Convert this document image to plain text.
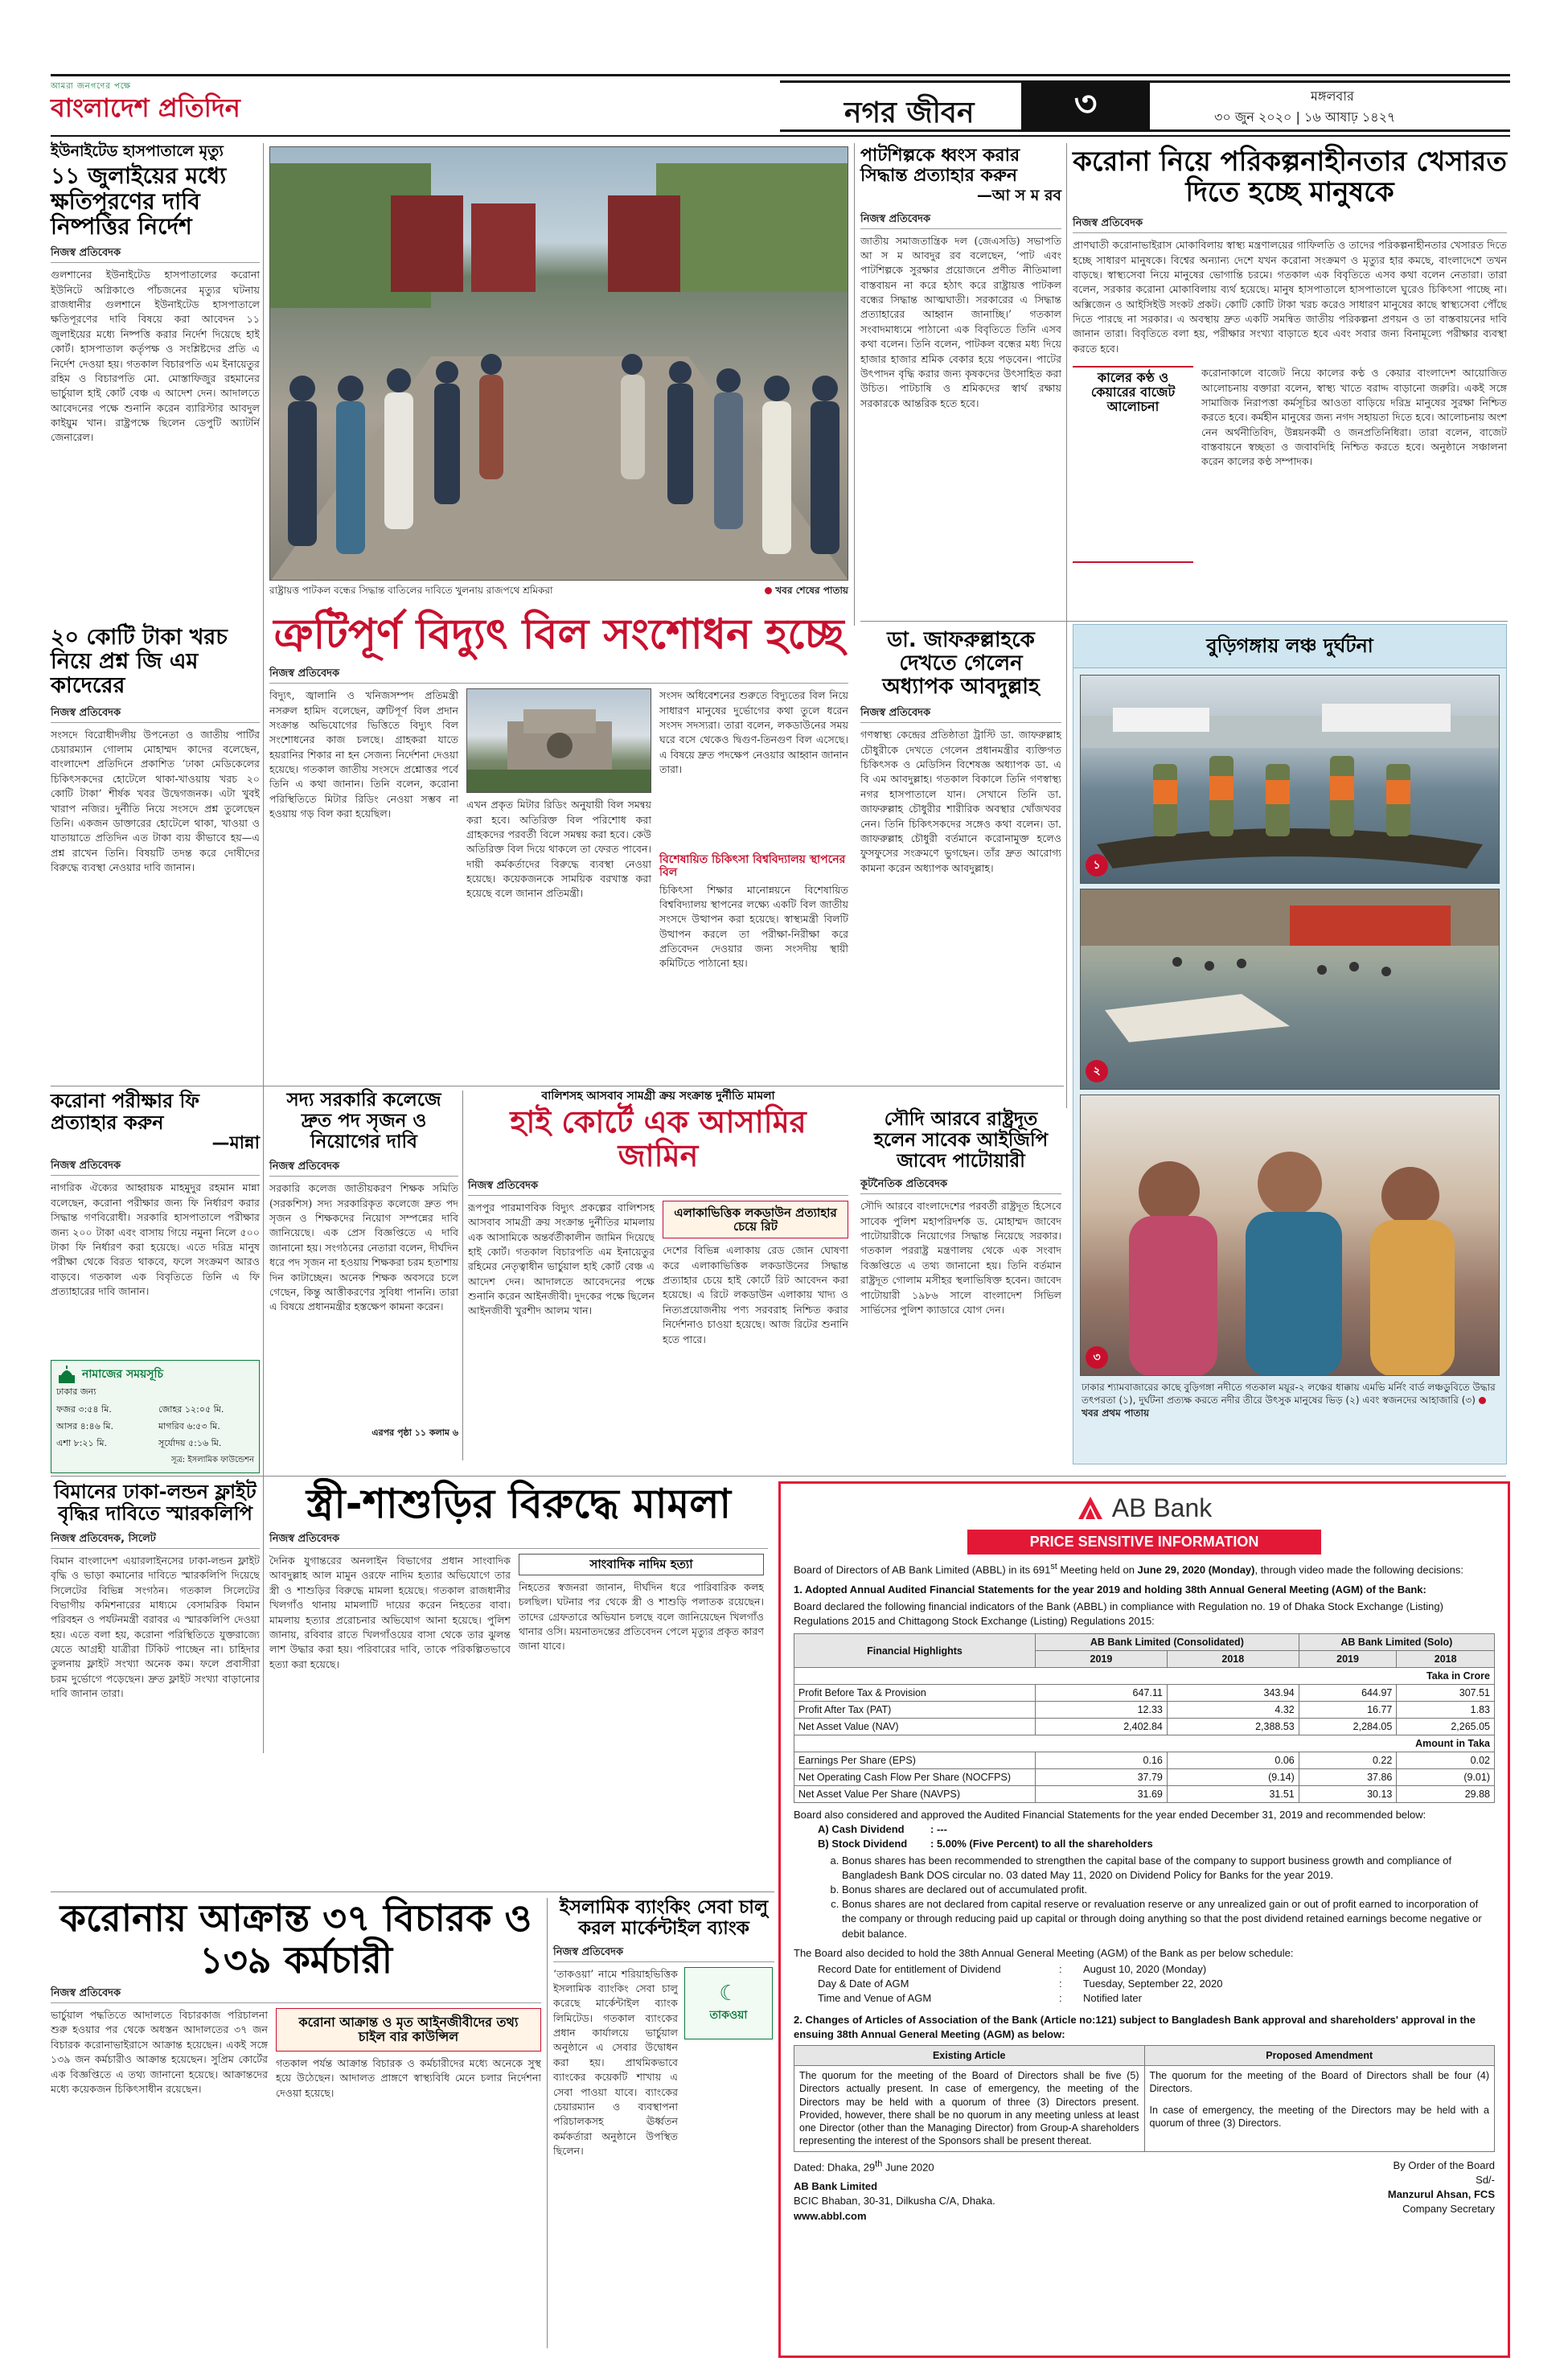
আমরা জনগণের পক্ষে
বাংলাদেশ প্রতিদিন	নগর জীবন	৩	মঙ্গলবার
৩০ জুন ২০২০ | ১৬ আষাঢ় ১৪২৭
ইউনাইটেড হাসপাতালে মৃত্যু
১১ জুলাইয়ের মধ্যে ক্ষতিপূরণের দাবি নিষ্পত্তির নির্দেশ
নিজস্ব প্রতিবেদক
গুলশানের ইউনাইটেড হাসপাতালের করোনা ইউনিটে অগ্নিকাণ্ডে পাঁচজনের মৃত্যুর ঘটনায় রাজধানীর গুলশানে ইউনাইটেড হাসপাতালে ক্ষতিপূরণের দাবি বিষয়ে করা আবেদন ১১ জুলাইয়ের মধ্যে নিষ্পত্তি করার নির্দেশ দিয়েছে হাই কোর্ট। হাসপাতাল কর্তৃপক্ষ ও সংশ্লিষ্টদের প্রতি এ নির্দেশ দেওয়া হয়। গতকাল বিচারপতি এম ইনায়েতুর রহিম ও বিচারপতি মো. মোস্তাফিজুর রহমানের ভার্চুয়াল হাই কোর্ট বেঞ্চ এ আদেশ দেন। আদালতে আবেদনের পক্ষে শুনানি করেন ব্যারিস্টার আবদুল কাইয়ুম খান। রাষ্ট্রপক্ষে ছিলেন ডেপুটি অ্যাটর্নি জেনারেল।
রাষ্ট্রায়ত্ত পাটকল বন্ধের সিদ্ধান্ত বাতিলের দাবিতে খুলনায় রাজপথে শ্রমিকরা	খবর শেষের পাতায়
পাটশিল্পকে ধ্বংস করার সিদ্ধান্ত প্রত্যাহার করুন
—আ স ম রব
নিজস্ব প্রতিবেদক
জাতীয় সমাজতান্ত্রিক দল (জেএসডি) সভাপতি আ স ম আবদুর রব বলেছেন, ‘পাট এবং পাটশিল্পকে সুরক্ষার প্রয়োজনে প্রণীত নীতিমালা বাস্তবায়ন না করে হঠাৎ করে রাষ্ট্রায়ত্ত পাটকল বন্ধের সিদ্ধান্ত আত্মঘাতী। সরকারের এ সিদ্ধান্ত প্রত্যাহারের আহ্বান জানাচ্ছি।’ গতকাল সংবাদমাধ্যমে পাঠানো এক বিবৃতিতে তিনি এসব কথা বলেন। তিনি বলেন, পাটকল বন্ধের মধ্য দিয়ে হাজার হাজার শ্রমিক বেকার হয়ে পড়বেন। পাটের উৎপাদন বৃদ্ধি করার জন্য কৃষকদের উৎসাহিত করা উচিত। পাটচাষি ও শ্রমিকদের স্বার্থ রক্ষায় সরকারকে আন্তরিক হতে হবে।
করোনা নিয়ে পরিকল্পনাহীনতার খেসারত দিতে হচ্ছে মানুষকে
নিজস্ব প্রতিবেদক
প্রাণঘাতী করোনাভাইরাস মোকাবিলায় স্বাস্থ্য মন্ত্রণালয়ের গাফিলতি ও তাদের পরিকল্পনাহীনতার খেসারত দিতে হচ্ছে সাধারণ মানুষকে। বিশ্বের অন্যান্য দেশে যখন করোনা সংক্রমণ ও মৃত্যুর হার কমছে, বাংলাদেশে তখন বাড়ছে। স্বাস্থ্যসেবা নিয়ে মানুষের ভোগান্তি চরমে। গতকাল এক বিবৃতিতে এসব কথা বলেন নেতারা। তারা বলেন, সরকার করোনা মোকাবিলায় ব্যর্থ হয়েছে। মানুষ হাসপাতালে হাসপাতালে ঘুরেও চিকিৎসা পাচ্ছে না। অক্সিজেন ও আইসিইউ সংকট প্রকট। কোটি কোটি টাকা খরচ করেও সাধারণ মানুষের কাছে স্বাস্থ্যসেবা পৌঁছে দিতে পারছে না সরকার। এ অবস্থায় দ্রুত একটি সমন্বিত জাতীয় পরিকল্পনা প্রণয়ন ও তা বাস্তবায়নের দাবি জানান তারা। বিবৃতিতে বলা হয়, পরীক্ষার সংখ্যা বাড়াতে হবে এবং সবার জন্য বিনামূল্যে পরীক্ষার ব্যবস্থা করতে হবে।
কালের কণ্ঠ ও কেয়ারের বাজেট আলোচনা
করোনাকালে বাজেট নিয়ে কালের কণ্ঠ ও কেয়ার বাংলাদেশ আয়োজিত আলোচনায় বক্তারা বলেন, স্বাস্থ্য খাতে বরাদ্দ বাড়ানো জরুরি। একই সঙ্গে সামাজিক নিরাপত্তা কর্মসূচির আওতা বাড়িয়ে দরিদ্র মানুষের সুরক্ষা নিশ্চিত করতে হবে। কর্মহীন মানুষের জন্য নগদ সহায়তা দিতে হবে। আলোচনায় অংশ নেন অর্থনীতিবিদ, উন্নয়নকর্মী ও জনপ্রতিনিধিরা। তারা বলেন, বাজেট বাস্তবায়নে স্বচ্ছতা ও জবাবদিহি নিশ্চিত করতে হবে। অনুষ্ঠানে সঞ্চালনা করেন কালের কণ্ঠ সম্পাদক।
২০ কোটি টাকা খরচ নিয়ে প্রশ্ন জি এম কাদেরের
নিজস্ব প্রতিবেদক
সংসদে বিরোধীদলীয় উপনেতা ও জাতীয় পার্টির চেয়ারম্যান গোলাম মোহাম্মদ কাদের বলেছেন, বাংলাদেশ প্রতিদিনে প্রকাশিত ‘ঢাকা মেডিকেলের চিকিৎসকদের হোটেলে থাকা-খাওয়ায় খরচ ২০ কোটি টাকা’ শীর্ষক খবর উদ্বেগজনক। এটা খুবই খারাপ নজির। দুর্নীতি নিয়ে সংসদে প্রশ্ন তুলেছেন তিনি। একজন ডাক্তারের হোটেলে থাকা, খাওয়া ও যাতায়াতে প্রতিদিন এত টাকা ব্যয় কীভাবে হয়—এ প্রশ্ন রাখেন তিনি। বিষয়টি তদন্ত করে দোষীদের বিরুদ্ধে ব্যবস্থা নেওয়ার দাবি জানান।
ত্রুটিপূর্ণ বিদ্যুৎ বিল সংশোধন হচ্ছে
নিজস্ব প্রতিবেদক
বিদ্যুৎ, জ্বালানি ও খনিজসম্পদ প্রতিমন্ত্রী নসরুল হামিদ বলেছেন, ত্রুটিপূর্ণ বিল প্রদান সংক্রান্ত অভিযোগের ভিত্তিতে বিদ্যুৎ বিল সংশোধনের কাজ চলছে। গ্রাহকরা যাতে হয়রানির শিকার না হন সেজন্য নির্দেশনা দেওয়া হয়েছে। গতকাল জাতীয় সংসদে প্রশ্নোত্তর পর্বে তিনি এ কথা জানান। তিনি বলেন, করোনা পরিস্থিতিতে মিটার রিডিং নেওয়া সম্ভব না হওয়ায় গড় বিল করা হয়েছিল।
এখন প্রকৃত মিটার রিডিং অনুযায়ী বিল সমন্বয় করা হবে। অতিরিক্ত বিল পরিশোধ করা গ্রাহকদের পরবর্তী বিলে সমন্বয় করা হবে। কেউ অতিরিক্ত বিল দিয়ে থাকলে তা ফেরত পাবেন। দায়ী কর্মকর্তাদের বিরুদ্ধে ব্যবস্থা নেওয়া হয়েছে। কয়েকজনকে সাময়িক বরখাস্ত করা হয়েছে বলে জানান প্রতিমন্ত্রী।
সংসদ অধিবেশনের শুরুতে বিদ্যুতের বিল নিয়ে সাধারণ মানুষের দুর্ভোগের কথা তুলে ধরেন সংসদ সদস্যরা। তারা বলেন, লকডাউনের সময় ঘরে বসে থেকেও দ্বিগুণ-তিনগুণ বিল এসেছে। এ বিষয়ে দ্রুত পদক্ষেপ নেওয়ার আহ্বান জানান তারা।
বিশেষায়িত চিকিৎসা বিশ্ববিদ্যালয় স্থাপনের বিল
চিকিৎসা শিক্ষার মানোন্নয়নে বিশেষায়িত বিশ্ববিদ্যালয় স্থাপনের লক্ষ্যে একটি বিল জাতীয় সংসদে উত্থাপন করা হয়েছে। স্বাস্থ্যমন্ত্রী বিলটি উত্থাপন করলে তা পরীক্ষা-নিরীক্ষা করে প্রতিবেদন দেওয়ার জন্য সংসদীয় স্থায়ী কমিটিতে পাঠানো হয়।
ডা. জাফরুল্লাহকে দেখতে গেলেন অধ্যাপক আবদুল্লাহ
নিজস্ব প্রতিবেদক
গণস্বাস্থ্য কেন্দ্রের প্রতিষ্ঠাতা ট্রাস্টি ডা. জাফরুল্লাহ চৌধুরীকে দেখতে গেলেন প্রধানমন্ত্রীর ব্যক্তিগত চিকিৎসক ও মেডিসিন বিশেষজ্ঞ অধ্যাপক ডা. এ বি এম আবদুল্লাহ। গতকাল বিকালে তিনি গণস্বাস্থ্য নগর হাসপাতালে যান। সেখানে তিনি ডা. জাফরুল্লাহ চৌধুরীর শারীরিক অবস্থার খোঁজখবর নেন। তিনি চিকিৎসকদের সঙ্গেও কথা বলেন। ডা. জাফরুল্লাহ চৌধুরী বর্তমানে করোনামুক্ত হলেও ফুসফুসের সংক্রমণে ভুগছেন। তাঁর দ্রুত আরোগ্য কামনা করেন অধ্যাপক আবদুল্লাহ।
বুড়িগঙ্গায় লঞ্চ দুর্ঘটনা
১
২
৩
ঢাকার শ্যামবাজারের কাছে বুড়িগঙ্গা নদীতে গতকাল ময়ূর-২ লঞ্চের ধাক্কায় এমভি মর্নিং বার্ড লঞ্চডুবিতে উদ্ধার তৎপরতা (১), দুর্ঘটনা প্রত্যক্ষ করতে নদীর তীরে উৎসুক মানুষের ভিড় (২) এবং স্বজনদের আহাজারি (৩) খবর প্রথম পাতায়
করোনা পরীক্ষার ফি প্রত্যাহার করুন
—মান্না
নিজস্ব প্রতিবেদক
নাগরিক ঐক্যের আহ্বায়ক মাহমুদুর রহমান মান্না বলেছেন, করোনা পরীক্ষার জন্য ফি নির্ধারণ করার সিদ্ধান্ত গণবিরোধী। সরকারি হাসপাতালে পরীক্ষার জন্য ২০০ টাকা এবং বাসায় গিয়ে নমুনা নিলে ৫০০ টাকা ফি নির্ধারণ করা হয়েছে। এতে দরিদ্র মানুষ পরীক্ষা থেকে বিরত থাকবে, ফলে সংক্রমণ আরও বাড়বে। গতকাল এক বিবৃতিতে তিনি এ ফি প্রত্যাহারের দাবি জানান।
নামাজের সময়সূচি
ঢাকার জন্য
ফজর ৩:৫৪ মি.	জোহর ১২:০৫ মি.
আসর ৪:৪৬ মি.	মাগরিব ৬:৫৩ মি.
এশা ৮:২১ মি.	সূর্যোদয় ৫:১৬ মি.
সূত্র: ইসলামিক ফাউন্ডেশন
সদ্য সরকারি কলেজে দ্রুত পদ সৃজন ও নিয়োগের দাবি
নিজস্ব প্রতিবেদক
সরকারি কলেজ জাতীয়করণ শিক্ষক সমিতি (সরকশিস) সদ্য সরকারিকৃত কলেজে দ্রুত পদ সৃজন ও শিক্ষকদের নিয়োগ সম্পন্নের দাবি জানিয়েছে। এক প্রেস বিজ্ঞপ্তিতে এ দাবি জানানো হয়। সংগঠনের নেতারা বলেন, দীর্ঘদিন ধরে পদ সৃজন না হওয়ায় শিক্ষকরা চরম হতাশায় দিন কাটাচ্ছেন। অনেক শিক্ষক অবসরে চলে গেছেন, কিন্তু আত্তীকরণের সুবিধা পাননি। তারা এ বিষয়ে প্রধানমন্ত্রীর হস্তক্ষেপ কামনা করেন।
এরপর পৃষ্ঠা ১১ কলাম ৬
বালিশসহ আসবাব সামগ্রী ক্রয় সংক্রান্ত দুর্নীতি মামলা
হাই কোর্টে এক আসামির জামিন
নিজস্ব প্রতিবেদক
রূপপুর পারমাণবিক বিদ্যুৎ প্রকল্পের বালিশসহ আসবাব সামগ্রী ক্রয় সংক্রান্ত দুর্নীতির মামলায় এক আসামিকে অন্তর্বর্তীকালীন জামিন দিয়েছে হাই কোর্ট। গতকাল বিচারপতি এম ইনায়েতুর রহিমের নেতৃত্বাধীন ভার্চুয়াল হাই কোর্ট বেঞ্চ এ আদেশ দেন। আদালতে আবেদনের পক্ষে শুনানি করেন আইনজীবী। দুদকের পক্ষে ছিলেন আইনজীবী খুরশীদ আলম খান।
এলাকাভিত্তিক লকডাউন প্রত্যাহার চেয়ে রিট
দেশের বিভিন্ন এলাকায় রেড জোন ঘোষণা করে এলাকাভিত্তিক লকডাউনের সিদ্ধান্ত প্রত্যাহার চেয়ে হাই কোর্টে রিট আবেদন করা হয়েছে। এ রিটে লকডাউন এলাকায় খাদ্য ও নিত্যপ্রয়োজনীয় পণ্য সরবরাহ নিশ্চিত করার নির্দেশনাও চাওয়া হয়েছে। আজ রিটের শুনানি হতে পারে।
সৌদি আরবে রাষ্ট্রদূত হলেন সাবেক আইজিপি জাবেদ পাটোয়ারী
কূটনৈতিক প্রতিবেদক
সৌদি আরবে বাংলাদেশের পরবর্তী রাষ্ট্রদূত হিসেবে সাবেক পুলিশ মহাপরিদর্শক ড. মোহাম্মদ জাবেদ পাটোয়ারীকে নিয়োগের সিদ্ধান্ত নিয়েছে সরকার। গতকাল পররাষ্ট্র মন্ত্রণালয় থেকে এক সংবাদ বিজ্ঞপ্তিতে এ তথ্য জানানো হয়। তিনি বর্তমান রাষ্ট্রদূত গোলাম মসীহর স্থলাভিষিক্ত হবেন। জাবেদ পাটোয়ারী ১৯৮৬ সালে বাংলাদেশ সিভিল সার্ভিসের পুলিশ ক্যাডারে যোগ দেন।
বিমানের ঢাকা-লন্ডন ফ্লাইট বৃদ্ধির দাবিতে স্মারকলিপি
নিজস্ব প্রতিবেদক, সিলেট
বিমান বাংলাদেশ এয়ারলাইনসের ঢাকা-লন্ডন ফ্লাইট বৃদ্ধি ও ভাড়া কমানোর দাবিতে স্মারকলিপি দিয়েছে সিলেটের বিভিন্ন সংগঠন। গতকাল সিলেটের বিভাগীয় কমিশনারের মাধ্যমে বেসামরিক বিমান পরিবহন ও পর্যটনমন্ত্রী বরাবর এ স্মারকলিপি দেওয়া হয়। এতে বলা হয়, করোনা পরিস্থিতিতে যুক্তরাজ্যে যেতে আগ্রহী যাত্রীরা টিকিট পাচ্ছেন না। চাহিদার তুলনায় ফ্লাইট সংখ্যা অনেক কম। ফলে প্রবাসীরা চরম দুর্ভোগে পড়েছেন। দ্রুত ফ্লাইট সংখ্যা বাড়ানোর দাবি জানান তারা।
স্ত্রী-শাশুড়ির বিরুদ্ধে মামলা
নিজস্ব প্রতিবেদক
দৈনিক যুগান্তরের অনলাইন বিভাগের প্রধান সাংবাদিক আবদুল্লাহ আল মামুন ওরফে নাদিম হত্যার অভিযোগে তার স্ত্রী ও শাশুড়ির বিরুদ্ধে মামলা হয়েছে। গতকাল রাজধানীর খিলগাঁও থানায় মামলাটি দায়ের করেন নিহতের বাবা। মামলায় হত্যার প্ররোচনার অভিযোগ আনা হয়েছে। পুলিশ জানায়, রবিবার রাতে খিলগাঁওয়ের বাসা থেকে তার ঝুলন্ত লাশ উদ্ধার করা হয়। পরিবারের দাবি, তাকে পরিকল্পিতভাবে হত্যা করা হয়েছে।
সাংবাদিক নাদিম হত্যা
নিহতের স্বজনরা জানান, দীর্ঘদিন ধরে পারিবারিক কলহ চলছিল। ঘটনার পর থেকে স্ত্রী ও শাশুড়ি পলাতক রয়েছেন। তাদের গ্রেফতারে অভিযান চলছে বলে জানিয়েছেন খিলগাঁও থানার ওসি। ময়নাতদন্তের প্রতিবেদন পেলে মৃত্যুর প্রকৃত কারণ জানা যাবে।
করোনায় আক্রান্ত ৩৭ বিচারক ও ১৩৯ কর্মচারী
নিজস্ব প্রতিবেদক
ভার্চুয়াল পদ্ধতিতে আদালতে বিচারকাজ পরিচালনা শুরু হওয়ার পর থেকে অধস্তন আদালতের ৩৭ জন বিচারক করোনাভাইরাসে আক্রান্ত হয়েছেন। একই সঙ্গে ১৩৯ জন কর্মচারীও আক্রান্ত হয়েছেন। সুপ্রিম কোর্টের এক বিজ্ঞপ্তিতে এ তথ্য জানানো হয়েছে। আক্রান্তদের মধ্যে কয়েকজন চিকিৎসাধীন রয়েছেন।
করোনা আক্রান্ত ও মৃত আইনজীবীদের তথ্য চাইল বার কাউন্সিল
গতকাল পর্যন্ত আক্রান্ত বিচারক ও কর্মচারীদের মধ্যে অনেকে সুস্থ হয়ে উঠেছেন। আদালত প্রাঙ্গণে স্বাস্থ্যবিধি মেনে চলার নির্দেশনা দেওয়া হয়েছে।
ইসলামিক ব্যাংকিং সেবা চালু করল মার্কেন্টাইল ব্যাংক
নিজস্ব প্রতিবেদক
‘তাকওয়া’ নামে শরিয়াহভিত্তিক ইসলামিক ব্যাংকিং সেবা চালু করেছে মার্কেন্টাইল ব্যাংক লিমিটেড। গতকাল ব্যাংকের প্রধান কার্যালয়ে ভার্চুয়াল অনুষ্ঠানে এ সেবার উদ্বোধন করা হয়। প্রাথমিকভাবে ব্যাংকের কয়েকটি শাখায় এ সেবা পাওয়া যাবে। ব্যাংকের চেয়ারম্যান ও ব্যবস্থাপনা পরিচালকসহ ঊর্ধ্বতন কর্মকর্তারা অনুষ্ঠানে উপস্থিত ছিলেন।
☾
তাকওয়া
AB Bank
PRICE SENSITIVE INFORMATION
Board of Directors of AB Bank Limited (ABBL) in its 691st Meeting held on June 29, 2020 (Monday), through video made the following decisions:
1. Adopted Annual Audited Financial Statements for the year 2019 and holding 38th Annual General Meeting (AGM) of the Bank:
Board declared the following financial indicators of the Bank (ABBL) in compliance with Regulation no. 19 of Dhaka Stock Exchange (Listing) Regulations 2015 and Chittagong Stock Exchange (Listing) Regulations 2015:
Financial Highlights	AB Bank Limited (Consolidated)		AB Bank Limited (Solo)	
	2019	2018	2019	2018
Taka in Crore				
Profit Before Tax & Provision	647.11	343.94	644.97	307.51
Profit After Tax (PAT)	12.33	4.32	16.77	1.83
Net Asset Value (NAV)	2,402.84	2,388.53	2,284.05	2,265.05
Amount in Taka				
Earnings Per Share (EPS)	0.16	0.06	0.22	0.02
Net Operating Cash Flow Per Share (NOCFPS)	37.79	(9.14)	37.86	(9.01)
Net Asset Value Per Share (NAVPS)	31.69	31.51	30.13	29.88
Board also considered and approved the Audited Financial Statements for the year ended December 31, 2019 and recommended below:
A) Cash Dividend	: ---
B) Stock Dividend	: 5.00% (Five Percent) to all the shareholders
a. Bonus shares has been recommended to strengthen the capital base of the company to support business growth and compliance of Bangladesh Bank DOS circular no. 03 dated May 11, 2020 on Dividend Policy for Banks for the year 2019.
b. Bonus shares are declared out of accumulated profit.
c. Bonus shares are not declared from capital reserve or revaluation reserve or any unrealized gain or out of profit earned to incorporation of the company or through reducing paid up capital or through doing anything so that the post dividend retained earnings become negative or debit balance.
The Board also decided to hold the 38th Annual General Meeting (AGM) of the Bank as per below schedule:
Record Date for entitlement of Dividend	:	August 10, 2020 (Monday)
Day & Date of AGM	:	Tuesday, September 22, 2020
Time and Venue of AGM	:	Notified later
2. Changes of Articles of Association of the Bank (Article no:121) subject to Bangladesh Bank approval and shareholders' approval in the ensuing 38th Annual General Meeting (AGM) as below:
Existing Article	Proposed Amendment
The quorum for the meeting of the Board of Directors shall be five (5) Directors actually present. In case of emergency, the meeting of the Directors may be held with a quorum of three (3) Directors present. Provided, however, there shall be no quorum in any meeting unless at least one Director (other than the Managing Director) from Group-A shareholders representing the interest of the Sponsors shall be present thereat.	The quorum for the meeting of the Board of Directors shall be four (4) Directors.
In case of emergency, the meeting of the Directors may be held with a quorum of three (3) Directors.
Dated: Dhaka, 29th June 2020
AB Bank Limited
BCIC Bhaban, 30-31, Dilkusha C/A, Dhaka.
www.abbl.com
By Order of the Board
Sd/-
Manzurul Ahsan, FCS
Company Secretary
